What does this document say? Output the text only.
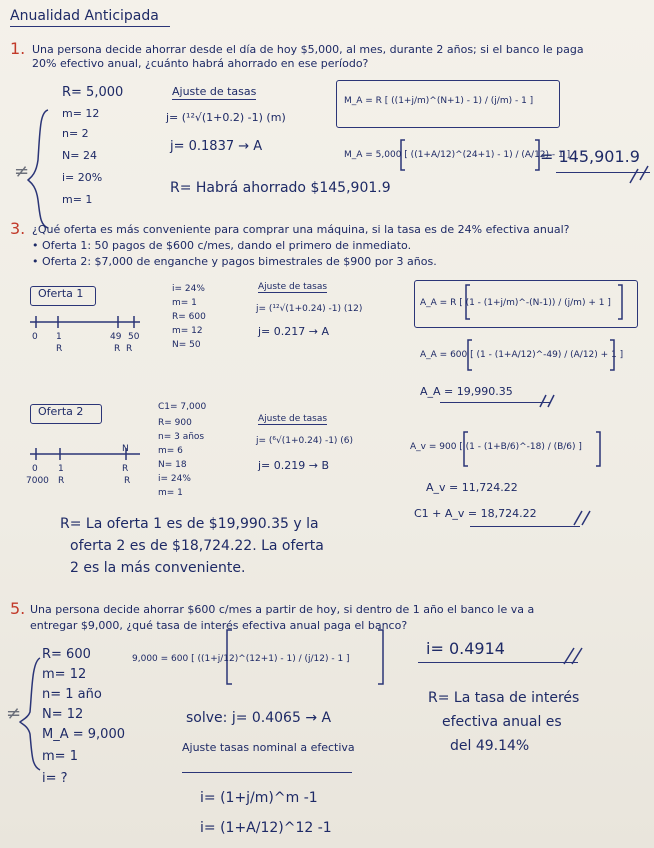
Anualidad Anticipada
1. Una persona decide ahorrar desde el día de hoy $5,000, al mes, durante 2 años; si el banco le paga
20% efectivo anual, ¿cuánto habrá ahorrado en ese período?
R= 5,000
m= 12
n= 2
N= 24
i= 20%
m= 1
≠
Ajuste de tasas
j= (¹²√(1+0.2) -1) (m)
j= 0.1837 → A
M_A = R [ ((1+j/m)^(N+1) - 1) / (j/m) - 1 ]
M_A = 5,000 [ ((1+A/12)^(24+1) - 1) / (A/12) - 1 ]
= 145,901.9
R= Habrá ahorrado $145,901.9
3. ¿Qué oferta es más conveniente para comprar una máquina, si la tasa es de 24% efectiva anual?
• Oferta 1: 50 pagos de $600 c/mes, dando el primero de inmediato.
• Oferta 2: $7,000 de enganche y pagos bimestrales de $900 por 3 años.
Oferta 1
0 1	49 50
R	R R
i= 24%
m= 1
R= 600
m= 12
N= 50
Ajuste de tasas
j= (¹²√(1+0.24) -1) (12)
j= 0.217 → A
A_A = R [ (1 - (1+j/m)^-(N-1)) / (j/m) + 1 ]
A_A = 600 [ (1 - (1+A/12)^-49) / (A/12) + 1 ]
A_A = 19,990.35
Oferta 2
0 1
N
R
7000 R	R
C1= 7,000
R= 900
n= 3 años
m= 6
N= 18
i= 24%
m= 1
Ajuste de tasas
j= (⁶√(1+0.24) -1) (6)
j= 0.219 → B
A_v = 900 [ (1 - (1+B/6)^-18) / (B/6) ]
A_v = 11,724.22
C1 + A_v = 18,724.22
R= La oferta 1 es de $19,990.35 y la
oferta 2 es de $18,724.22. La oferta
2 es la más conveniente.
5. Una persona decide ahorrar $600 c/mes a partir de hoy, si dentro de 1 año el banco le va a
entregar $9,000, ¿qué tasa de interés efectiva anual paga el banco?
R= 600
m= 12
n= 1 año
N= 12
M_A = 9,000
m= 1
i= ?
≠
9,000 = 600 [ ((1+j/12)^(12+1) - 1) / (j/12) - 1 ]
solve: j= 0.4065 → A
i= 0.4914
R= La tasa de interés
efectiva anual es
del 49.14%
Ajuste tasas nominal a efectiva
i= (1+j/m)^m -1
i= (1+A/12)^12 -1
